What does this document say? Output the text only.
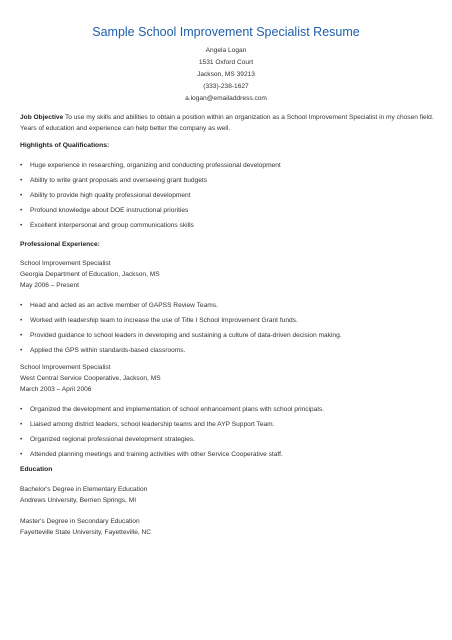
Sample School Improvement Specialist Resume
Angela Logan
1531 Oxford Court
Jackson, MS 39213
(333)-238-1627
a.logan@emailaddress.com
Job Objective To use my skills and abilities to obtain a position within an organization as a School Improvement Specialist in my chosen field. Years of education and experience can help better the company as well.
Highlights of Qualifications:
• Huge experience in researching, organizing and conducting professional development
• Ability to write grant proposals and overseeing grant budgets
• Ability to provide high quality professional development
• Profound knowledge about DOE instructional priorities
• Excellent interpersonal and group communications skills
Professional Experience:
School Improvement Specialist
Georgia Department of Education, Jackson, MS
May 2006 – Present
• Head and acted as an active member of GAPSS Review Teams.
• Worked with leadership team to increase the use of Title I School Improvement Grant funds.
• Provided guidance to school leaders in developing and sustaining a culture of data-driven decision making.
• Applied the GPS within standards-based classrooms.
School Improvement Specialist
West Central Service Cooperative, Jackson, MS
March 2003 – April 2006
• Organized the development and implementation of school enhancement plans with school principals.
• Liaised among district leaders, school leadership teams and the AYP Support Team.
• Organized regional professional development strategies.
• Attended planning meetings and training activities with other Service Cooperative staff.
Education
Bachelor's Degree in Elementary Education
Andrews University, Berrien Springs, MI
Master's Degree in Secondary Education
Fayetteville State University, Fayetteville, NC
